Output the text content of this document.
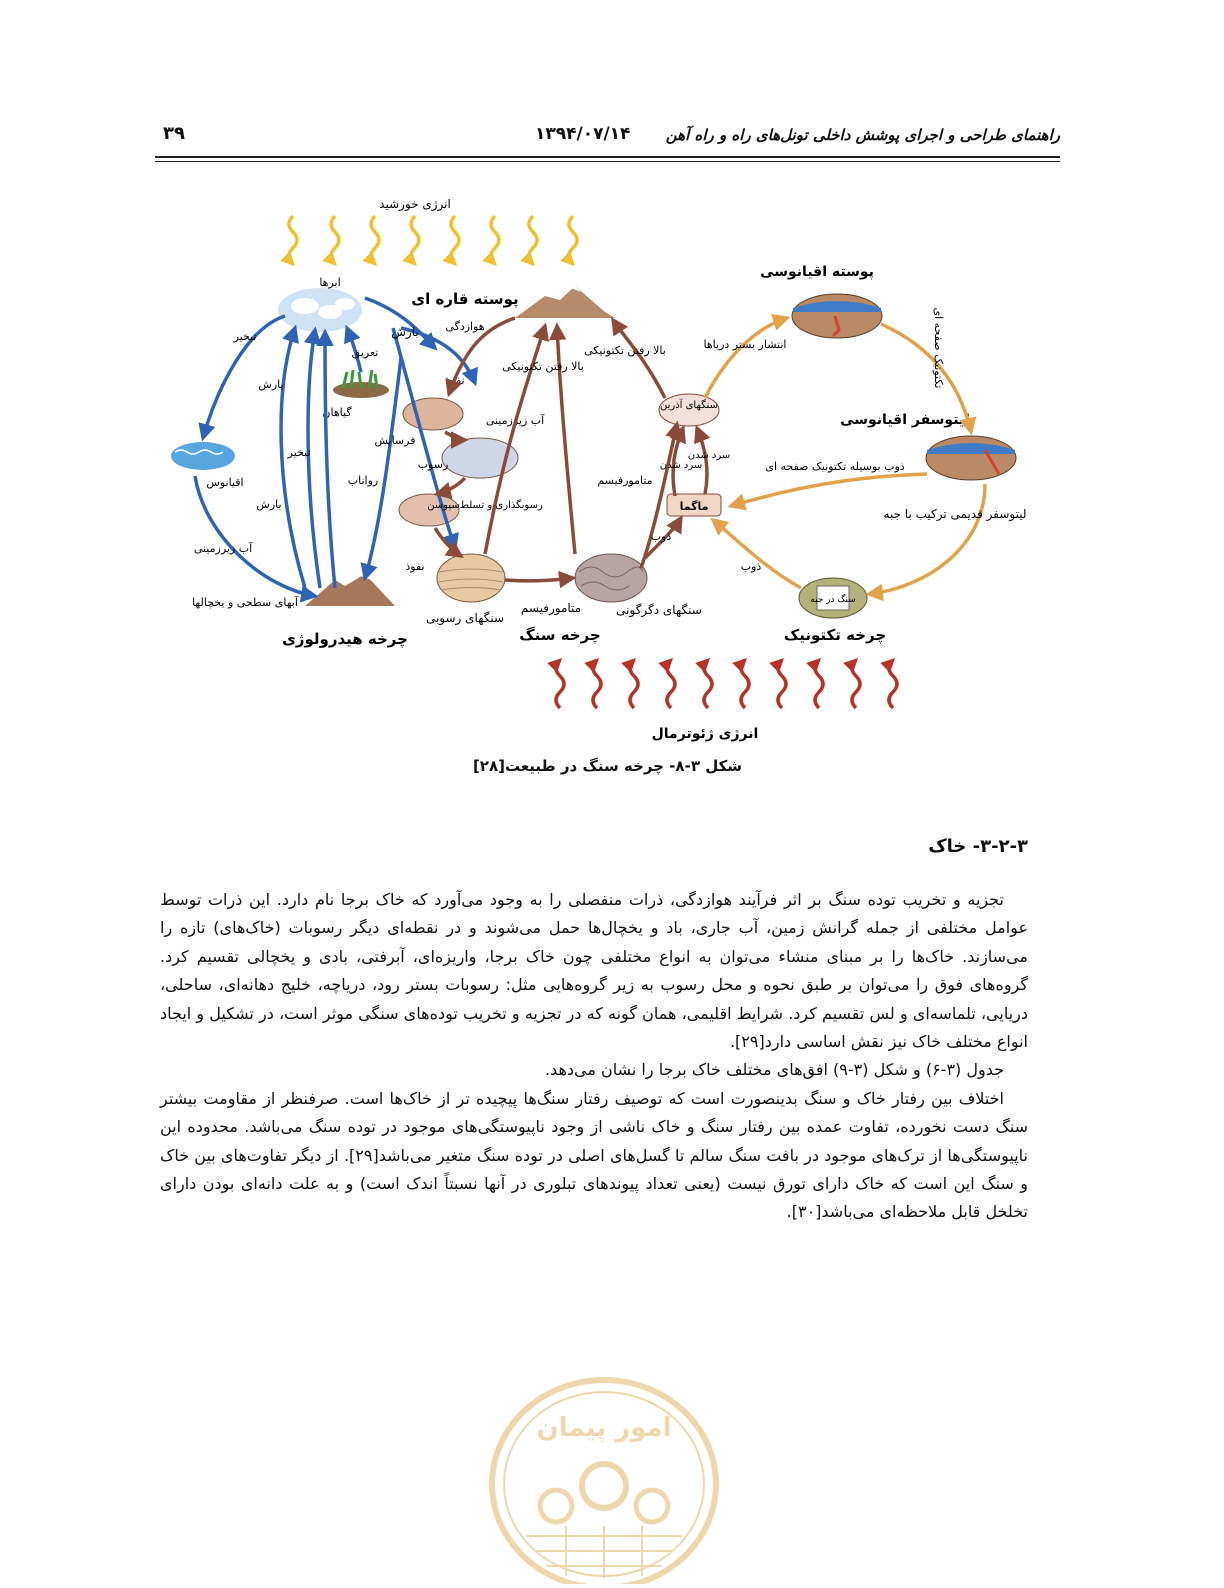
راهنمای طراحی و اجرای پوشش داخلی تونل‌های راه و راه آهن
۱۳۹۴/۰۷/۱۴
۳۹
انرژی خورشید
ابرها
اقیانوس
گیاهان
پوسته قاره ای
سنگهای رسوبی
سنگهای دگرگونی
متامورفیسم
چرخه سنگ
سنگهای آذرین
ماگما
پوسته اقیانوسی
لیتوسفر اقیانوسی
سنگ در جبه
چرخه تکتونیک
تبخیر
بارش
بارش
تعریق
تبخیر
بارش
رواناب
فرسایش
نفوذ
نفوذ
آب زیرزمینی
آب زیرزمینی
آبهای سطحی و یخچالها
چرخه هیدرولوژی
هوازدگی
رسوب
رسوبگذاری و تسلط‌سپوسن
بالا رفتن تکتونیکی
بالا رفتن تکتونیکی
متامورفیسم
سرد شدن
سرد شدن
ذوب
انتشار بستر دریاها	تکتونیک صفحه ای
ذوب بوسیله تکتونیک صفحه ای
لیتوسفر قدیمی ترکیب با جبه
ذوب
انرژی ژئوترمال
شکل ۳-۸- چرخه سنگ در طبیعت[۲۸]
۳-۲-۳- خاک

تجزیه و تخریب توده سنگ بر اثر فرآیند هوازدگی، ذرات منفصلی را به وجود می‌آورد که خاک برجا نام دارد. این ذرات توسط عوامل مختلفی از جمله گرانش زمین، آب جاری، باد و یخچال‌ها حمل می‌شوند و در نقطه‌ای دیگر رسوبات (خاک‌های) تازه را می‌سازند. خاک‌ها را بر مبنای منشاء می‌توان به انواع مختلفی چون خاک برجا، واریزه‌ای، آبرفتی، بادی و یخچالی تقسیم کرد. گروه‌های فوق را می‌توان بر طبق نحوه و محل رسوب به زیر گروه‌هایی مثل: رسوبات بستر رود، دریاچه، خلیج دهانه‌ای، ساحلی، دریایی، تلماسه‌ای و لس تقسیم کرد. شرایط اقلیمی، همان گونه که در تجزیه و تخریب توده‌های سنگی موثر است، در تشکیل و ایجاد انواع مختلف خاک نیز نقش اساسی دارد[۲۹].

جدول (۳-۶) و شکل (۳-۹) افق‌های مختلف خاک برجا را نشان می‌دهد.

اختلاف بین رفتار خاک و سنگ بدینصورت است که توصیف رفتار سنگ‌ها پیچیده تر از خاک‌ها است. صرفنظر از مقاومت بیشتر سنگ دست نخورده، تفاوت عمده بین رفتار سنگ و خاک ناشی از وجود ناپیوستگی‌های موجود در توده سنگ می‌باشد. محدوده این ناپیوستگی‌ها از ترک‌های موجود در بافت سنگ سالم تا گسل‌های اصلی در توده سنگ متغیر می‌باشد[۲۹]. از دیگر تفاوت‌های بین خاک و سنگ این است که خاک دارای تورق نیست (یعنی تعداد پیوندهای تبلوری در آنها نسبتاً اندک است) و به علت دانه‌ای بودن دارای تخلخل قابل ملاحظه‌ای می‌باشد[۳۰].

امور پیمان
